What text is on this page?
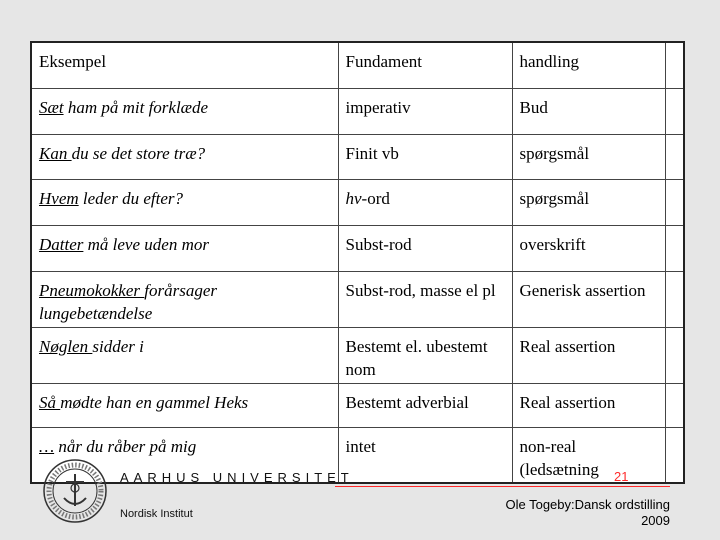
Eksempel	Fundament	handling	
Sæt ham på mit forklæde	imperativ	Bud	
Kan du se det store træ?	Finit vb	spørgsmål	
Hvem leder du efter?	hv-ord	spørgsmål	
Datter må leve uden mor	Subst-rod	overskrift	
Pneumokokker forårsager lungebetændelse	Subst-rod, masse el pl	Generisk assertion	
Nøglen sidder i	Bestemt el. ubestemt nom	Real assertion	
Så mødte han en gammel Heks	Bestemt adverbial	Real assertion	
… når du råber på mig	intet	non-real (ledsætning	
AARHUS UNIVERSITET
Nordisk Institut
21
Ole Togeby:Dansk ordstilling
2009
